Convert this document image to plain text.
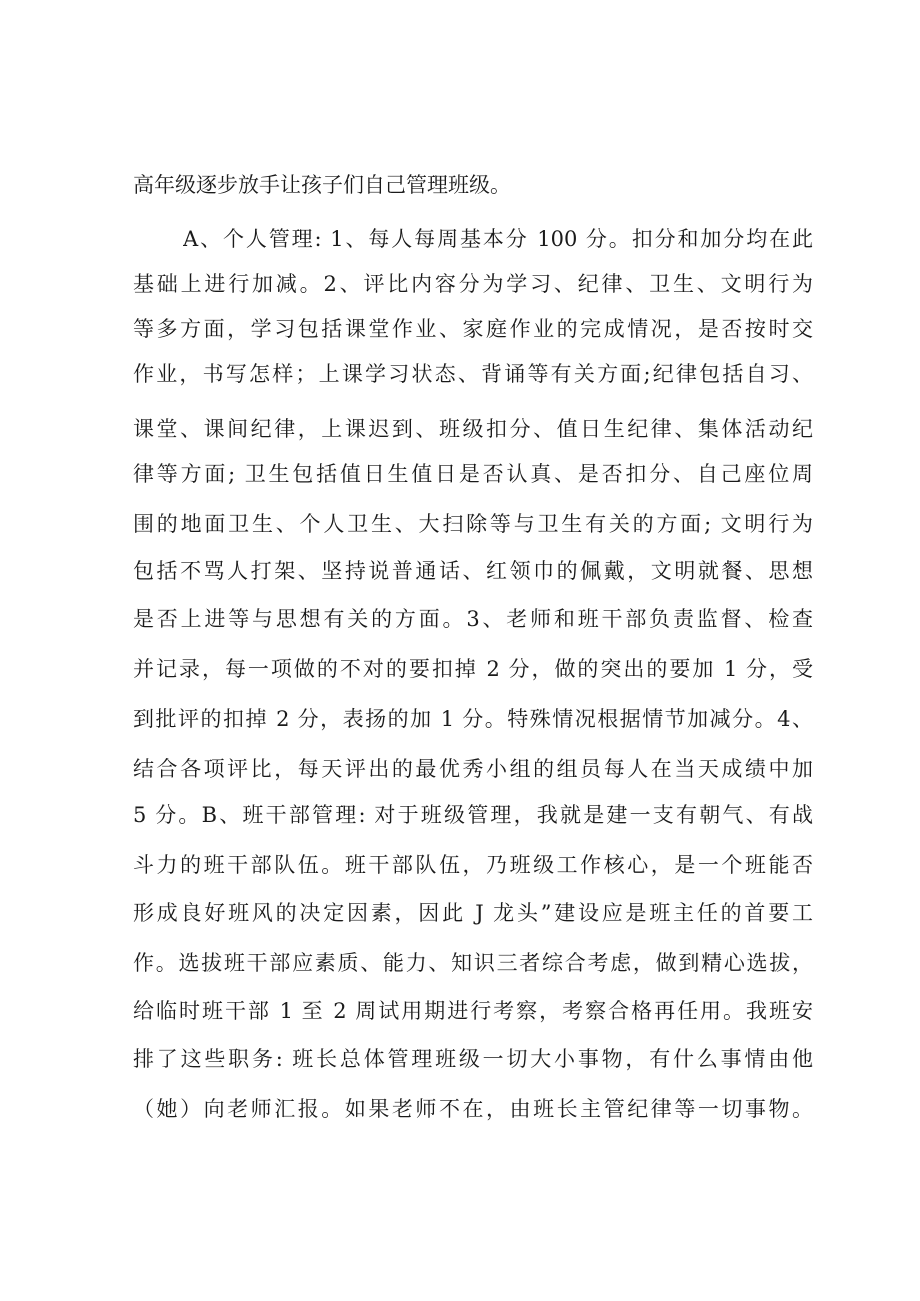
高年级逐步放手让孩子们自己管理班级。
A、个人管理: 1、每人每周基本分 100 分。扣分和加分均在此
基础上进行加减。2、评比内容分为学习、纪律、卫生、文明行为
等多方面，学习包括课堂作业、家庭作业的完成情况，是否按时交
作业，书写怎样；上课学习状态、背诵等有关方面;纪律包括自习、
课堂、课间纪律，上课迟到、班级扣分、值日生纪律、集体活动纪
律等方面; 卫生包括值日生值日是否认真、是否扣分、自己座位周
围的地面卫生、个人卫生、大扫除等与卫生有关的方面; 文明行为
包括不骂人打架、坚持说普通话、红领巾的佩戴，文明就餐、思想
是否上进等与思想有关的方面。3、老师和班干部负责监督、检查
并记录，每一项做的不对的要扣掉 2 分，做的突出的要加 1 分，受
到批评的扣掉 2 分，表扬的加 1 分。特殊情况根据情节加减分。4、
结合各项评比，每天评出的最优秀小组的组员每人在当天成绩中加
5 分。B、班干部管理: 对于班级管理，我就是建一支有朝气、有战
斗力的班干部队伍。班干部队伍，乃班级工作核心，是一个班能否
形成良好班风的决定因素，因此 J 龙头”建设应是班主任的首要工
作。选拔班干部应素质、能力、知识三者综合考虑，做到精心选拔，
给临时班干部 1 至 2 周试用期进行考察，考察合格再任用。我班安
排了这些职务: 班长总体管理班级一切大小事物，有什么事情由他
（她）向老师汇报。如果老师不在，由班长主管纪律等一切事物。
